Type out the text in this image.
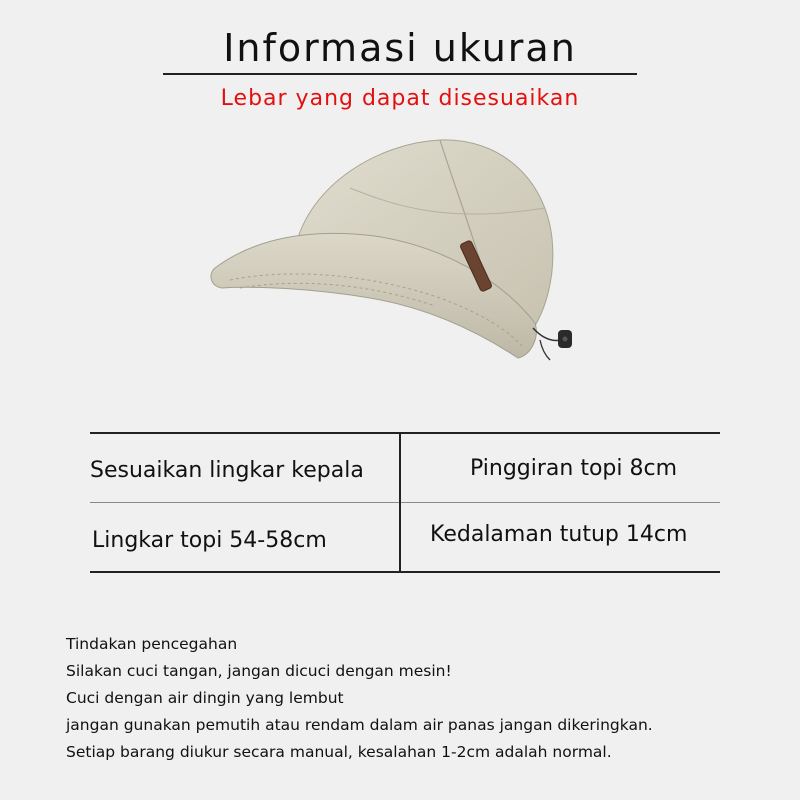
Informasi ukuran
Lebar yang dapat disesuaikan
Sesuaikan lingkar kepala	Pinggiran topi 8cm
Lingkar topi 54-58cm	Kedalaman tutup 14cm
Tindakan pencegahan
Silakan cuci tangan, jangan dicuci dengan mesin!
Cuci dengan air dingin yang lembut
jangan gunakan pemutih atau rendam dalam air panas jangan dikeringkan.
Setiap barang diukur secara manual, kesalahan 1-2cm adalah normal.
